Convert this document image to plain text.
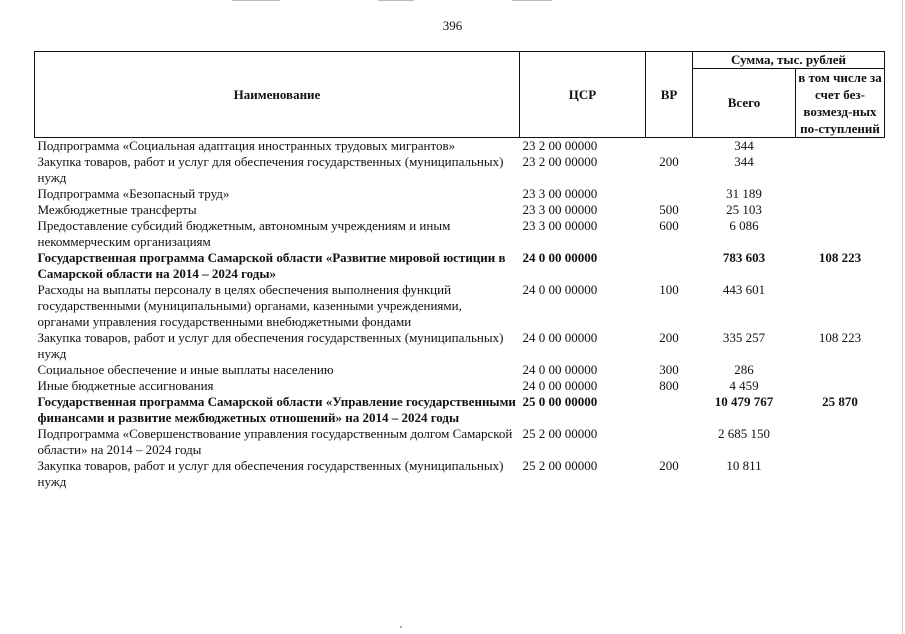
396
Наименование	ЦСР	ВР	Сумма, тыс. рублей	
			Всего	в том числе за счет без-возмезд-ных по-ступлений
Подпрограмма «Социальная адаптация иностранных трудовых мигрантов»	23 2 00 00000		344	
Закупка товаров, работ и услуг для обеспечения государственных (муниципальных) нужд	23 2 00 00000	200	344	
Подпрограмма «Безопасный труд»	23 3 00 00000		31 189	
Межбюджетные трансферты	23 3 00 00000	500	25 103	
Предоставление субсидий бюджетным, автономным учреждениям и иным некоммерческим организациям	23 3 00 00000	600	6 086	
Государственная программа Самарской области «Развитие мировой юстиции в Самарской области на 2014 – 2024 годы»	24 0 00 00000		783 603	108 223
Расходы на выплаты персоналу в целях обеспечения выполнения функций государственными (муниципальными) органами, казенными учреждениями, органами управления государственными внебюджетными фондами	24 0 00 00000	100	443 601	
Закупка товаров, работ и услуг для обеспечения государственных (муниципальных) нужд	24 0 00 00000	200	335 257	108 223
Социальное обеспечение и иные выплаты населению	24 0 00 00000	300	286	
Иные бюджетные ассигнования	24 0 00 00000	800	4 459	
Государственная программа Самарской области «Управление государственными финансами и развитие межбюджетных отношений» на 2014 – 2024 годы	25 0 00 00000		10 479 767	25 870
Подпрограмма «Совершенствование управления государственным долгом Самарской области» на 2014 – 2024 годы	25 2 00 00000		2 685 150	
Закупка товаров, работ и услуг для обеспечения государственных (муниципальных) нужд	25 2 00 00000	200	10 811	
